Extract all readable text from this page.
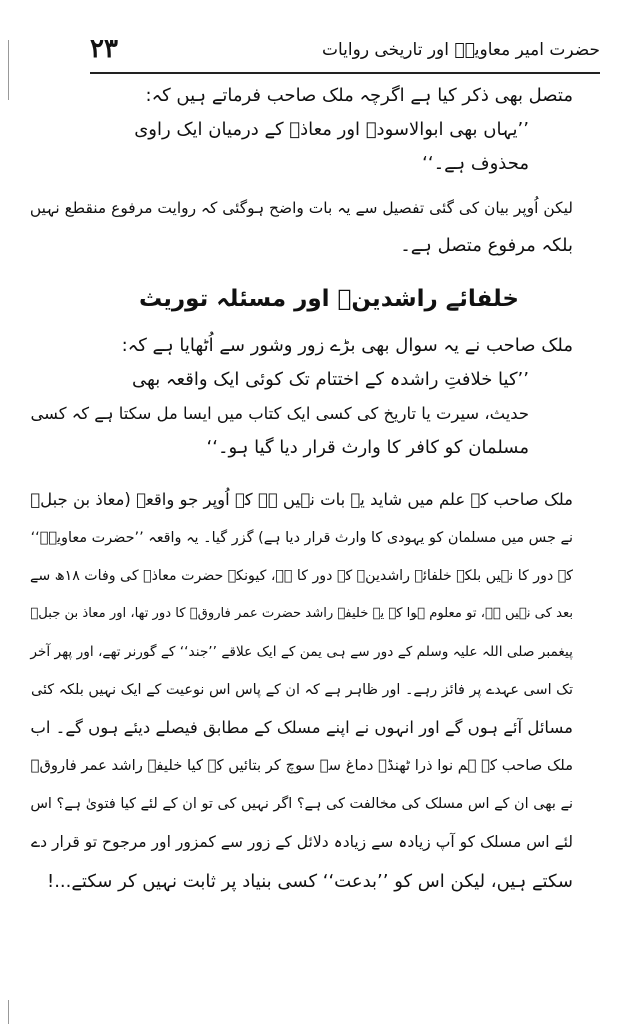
۲۳	حضرت امیر معاویہؓ اور تاریخی روایات
متصل بھی ذکر کیا ہے اگرچہ ملک صاحب فرماتے ہیں کہ:
’’یہاں بھی ابوالاسودؒ اور معاذؓ کے درمیان ایک راوی
محذوف ہے۔‘‘
لیکن اُوپر بیان کی گئی تفصیل سے یہ بات واضح ہوگئی کہ روایت مرفوع منقطع نہیں
بلکہ مرفوع متصل ہے۔
خلفائے راشدینؓ اور مسئلہ توریث
ملک صاحب نے یہ سوال بھی بڑے زور وشور سے اُٹھایا ہے کہ:
’’کیا خلافتِ راشدہ کے اختتام تک کوئی ایک واقعہ بھی
حدیث، سیرت یا تاریخ کی کسی ایک کتاب میں ایسا مل سکتا ہے کہ کسی
مسلمان کو کافر کا وارث قرار دیا گیا ہو۔‘‘
ملک صاحب کے علم میں شاید یہ بات نہیں ہے کہ اُوپر جو واقعہ (معاذ بن جبلؓ
نے جس میں مسلمان کو یہودی کا وارث قرار دیا ہے) گزر گیا۔ یہ واقعہ ’’حضرت معاویہؓ‘‘
کے دور کا نہیں بلکہ خلفائے راشدینؓ کے دور کا ہے، کیونکہ حضرت معاذؓ کی وفات ۱۸ھ سے
بعد کی نہیں ہے، تو معلوم ہوا کہ یہ خلیفہ راشد حضرت عمر فاروقؓ کا دور تھا، اور معاذ بن جبلؓ
پیغمبر صلی اللہ علیہ وسلم کے دور سے ہی یمن کے ایک علاقے ’’جند‘‘ کے گورنر تھے، اور پھر آخر
تک اسی عہدے پر فائز رہے۔ اور ظاہر ہے کہ ان کے پاس اس نوعیت کے ایک نہیں بلکہ کئی
مسائل آئے ہوں گے اور انہوں نے اپنے مسلک کے مطابق فیصلے دیئے ہوں گے۔ اب
ملک صاحب کے ہم نوا ذرا ٹھنڈے دماغ سے سوچ کر بتائیں کہ کیا خلیفہ راشد عمر فاروقؓ
نے بھی ان کے اس مسلک کی مخالفت کی ہے؟ اگر نہیں کی تو ان کے لئے کیا فتویٰ ہے؟ اس
لئے اس مسلک کو آپ زیادہ سے زیادہ دلائل کے زور سے کمزور اور مرجوح تو قرار دے
سکتے ہیں، لیکن اس کو ’’بدعت‘‘ کسی بنیاد پر ثابت نہیں کر سکتے...!
